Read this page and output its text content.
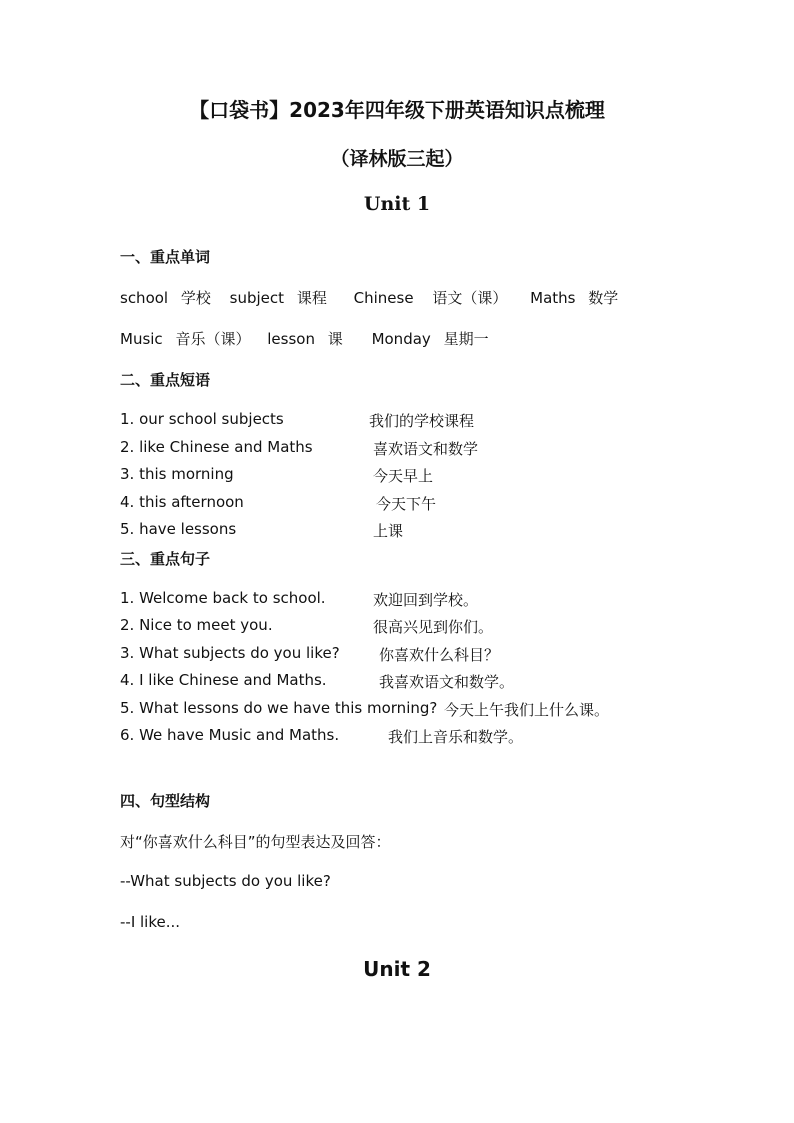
【口袋书】2023年四年级下册英语知识点梳理
（译林版三起）
Unit 1
一、重点单词

school 学校 subject 课程 Chinese 语文（课） Maths 数学

Music 音乐（课） lesson 课 Monday 星期一

二、重点短语
1. our school subjects	我们的学校课程
2. like Chinese and Maths	喜欢语文和数学
3. this morning	今天早上
4. this afternoon	今天下午
5. have lessons	上课
三、重点句子
1. Welcome back to school.	欢迎回到学校。
2. Nice to meet you.	很高兴见到你们。
3. What subjects do you like?	你喜欢什么科目？
4. I like Chinese and Maths.	我喜欢语文和数学。
5. What lessons do we have this morning? 今天上午我们上什么课。
6. We have Music and Maths.	我们上音乐和数学。
四、句型结构

对“你喜欢什么科目”的句型表达及回答：

--What subjects do you like?

--I like...

Unit 2
